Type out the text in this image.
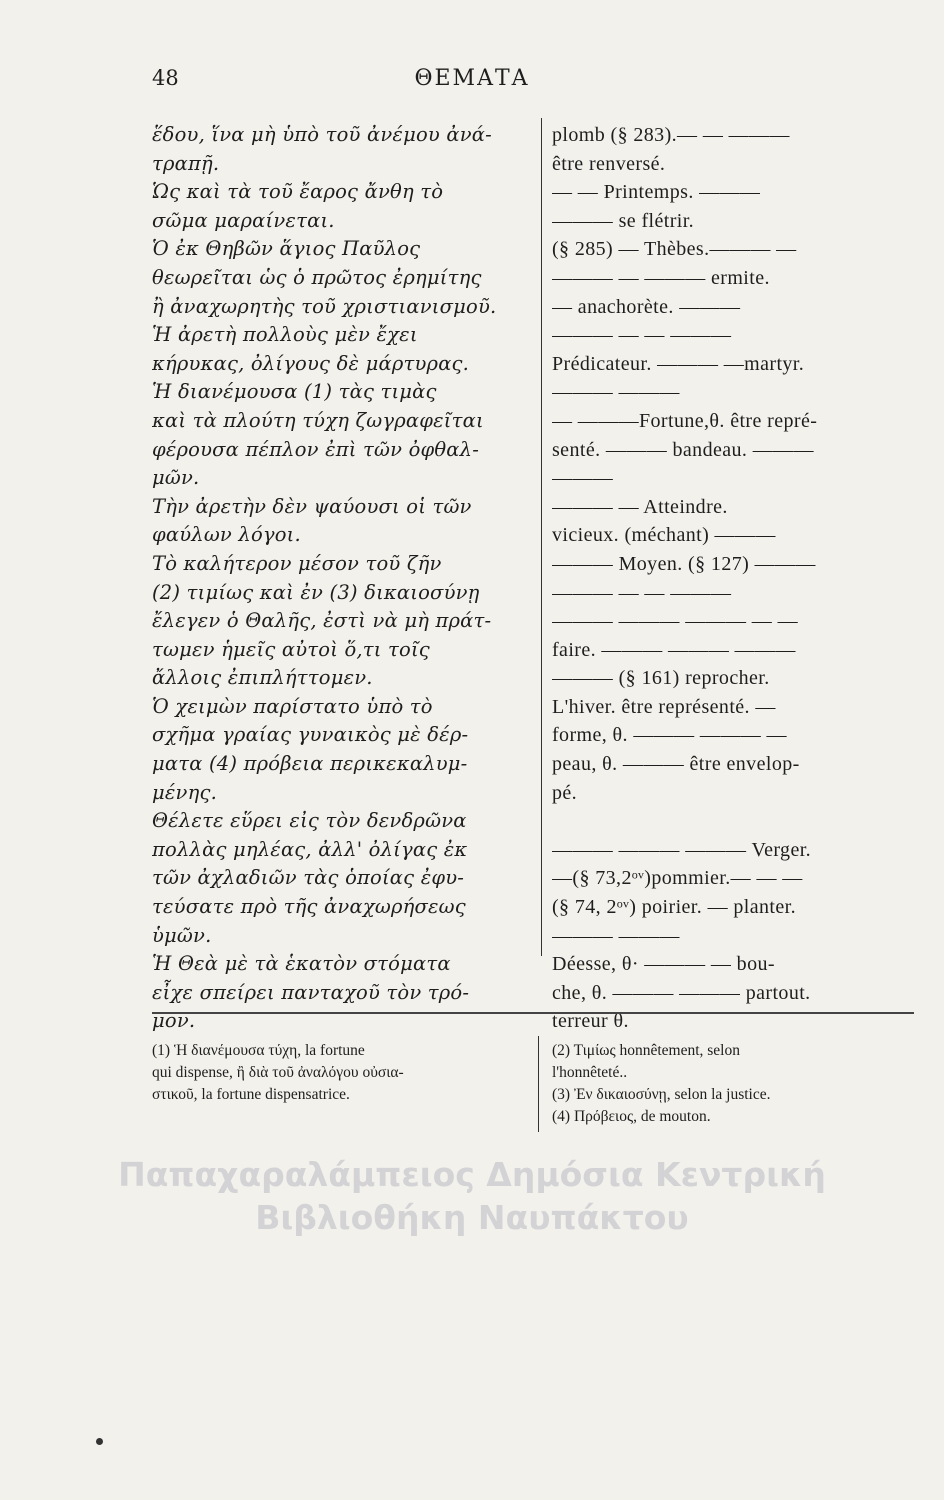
ΘΕΜΑΤΑ
48
ἕδου, ἵνα μὴ ὑπὸ τοῦ ἀνέμου ἀνά-
τραπῇ.
Ὡς καὶ τὰ τοῦ ἔαρος ἄνθη τὸ
σῶμα μαραίνεται.
Ὁ ἐκ Θηβῶν ἅγιος Παῦλος
θεωρεῖται ὡς ὁ πρῶτος ἐρημίτης
ἢ ἀναχωρητὴς τοῦ χριστιανισμοῦ.
Ἡ ἀρετὴ πολλοὺς μὲν ἔχει
κήρυκας, ὀλίγους δὲ μάρτυρας.
Ἡ διανέμουσα (1) τὰς τιμὰς
καὶ τὰ πλούτη τύχη ζωγραφεῖται
φέρουσα πέπλον ἐπὶ τῶν ὀφθαλ-
μῶν.
Τὴν ἀρετὴν δὲν ψαύουσι οἱ τῶν
φαύλων λόγοι.
Τὸ καλήτερον μέσον τοῦ ζῆν
(2) τιμίως καὶ ἐν (3) δικαιοσύνῃ
ἔλεγεν ὁ Θαλῆς, ἐστὶ νὰ μὴ πράτ-
τωμεν ἡμεῖς αὐτοὶ ὅ,τι τοῖς
ἄλλοις ἐπιπλήττομεν.
Ὁ χειμὼν παρίστατο ὑπὸ τὸ
σχῆμα γραίας γυναικὸς μὲ δέρ-
ματα (4) πρόβεια περικεκαλυμ-
μένης.
Θέλετε εὕρει εἰς τὸν δενδρῶνα
πολλὰς μηλέας, ἀλλ' ὀλίγας ἐκ
τῶν ἀχλαδιῶν τὰς ὁποίας ἐφυ-
τεύσατε πρὸ τῆς ἀναχωρήσεως
ὑμῶν.
Ἡ Θεὰ μὲ τὰ ἑκατὸν στόματα
εἶχε σπείρει πανταχοῦ τὸν τρό-
μον.
plomb (§ 283).— — ———
être renversé.
— — Printemps. ———
——— se flétrir.
(§ 285) — Thèbes.——— —
——— — ——— ermite.
— anachorète. ———
——— — — ———
Prédicateur. ——— —martyr.
——— ———
— ———Fortune,θ. être repré-
senté. ——— bandeau. ———
———
——— — Atteindre.
vicieux. (méchant) ———
——— Moyen. (§ 127) ———
——— — — ———
——— ——— ——— — —
faire. ——— ——— ———
——— (§ 161) reprocher.
L'hiver. être représenté. —
forme, θ. ——— ——— —
peau, θ. ——— être envelop-
pé.
——— ——— ——— Verger.
—(§ 73,2ᵒᵛ)pommier.— — —
(§ 74, 2ᵒᵛ) poirier. — planter.
——— ———
Déesse, θ· ——— — bou-
che, θ. ——— ——— partout.
terreur θ.
(1) Ἡ διανέμουσα τύχη, la fortune
qui dispense, ἢ διὰ τοῦ ἀναλόγου οὐσια-
στικοῦ, la fortune dispensatrice.
(2) Τιμίως honnêtement, selon
l'honnêteté..
(3) Ἐν δικαιοσύνῃ, selon la justice.
(4) Πρόβειος, de mouton.
Παπαχαραλάμπειος Δημόσια Κεντρική
Βιβλιοθήκη Ναυπάκτου
